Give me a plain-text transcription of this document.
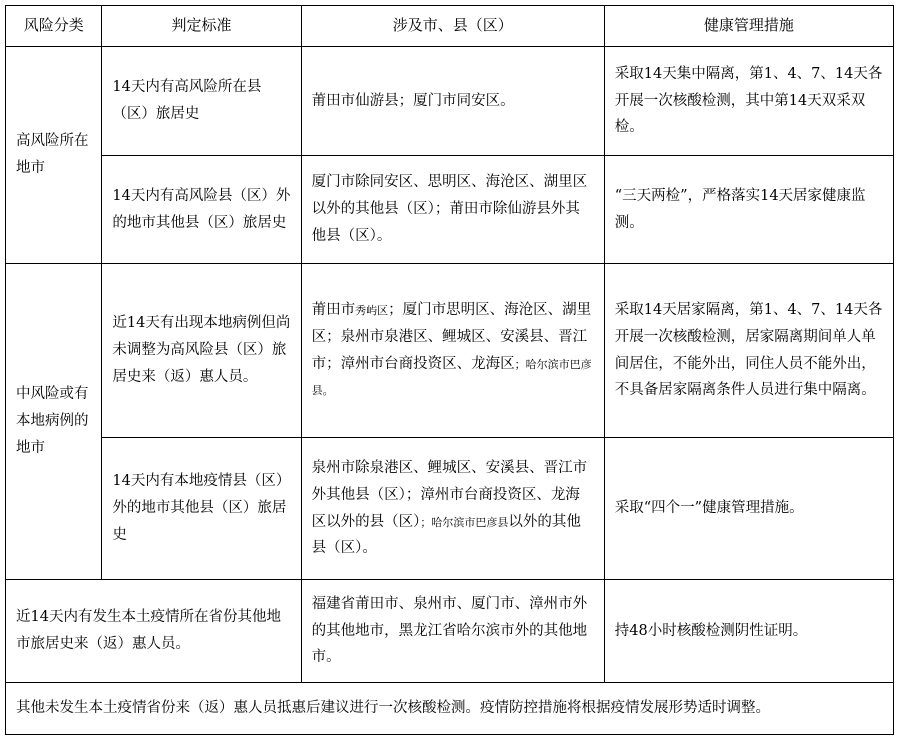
风险分类	判定标准	涉及市、县（区）	健康管理措施
高风险所在地市	14天内有高风险所在县（区）旅居史	莆田市仙游县；厦门市同安区。	采取14天集中隔离，第1、4、7、14天各开展一次核酸检测，其中第14天双采双检。
	14天内有高风险县（区）外的地市其他县（区）旅居史	厦门市除同安区、思明区、海沧区、湖里区以外的其他县（区）；莆田市除仙游县外其他县（区）。	“三天两检”，严格落实14天居家健康监测。
中风险或有本地病例的地市	近14天有出现本地病例但尚未调整为高风险县（区）旅居史来（返）惠人员。	莆田市秀屿区；厦门市思明区、海沧区、湖里区；泉州市泉港区、鲤城区、安溪县、晋江市；漳州市台商投资区、龙海区；哈尔滨市巴彦县。	采取14天居家隔离，第1、4、7、14天各开展一次核酸检测，居家隔离期间单人单间居住，不能外出，同住人员不能外出，不具备居家隔离条件人员进行集中隔离。
	14天内有本地疫情县（区）外的地市其他县（区）旅居史	泉州市除泉港区、鲤城区、安溪县、晋江市外其他县（区）；漳州市台商投资区、龙海区以外的县（区）；哈尔滨市巴彦县以外的其他县（区）。	采取“四个一”健康管理措施。
近14天内有发生本土疫情所在省份其他地市旅居史来（返）惠人员。		福建省莆田市、泉州市、厦门市、漳州市外的其他地市，黑龙江省哈尔滨市外的其他地市。	持48小时核酸检测阴性证明。
其他未发生本土疫情省份来（返）惠人员抵惠后建议进行一次核酸检测。疫情防控措施将根据疫情发展形势适时调整。			
